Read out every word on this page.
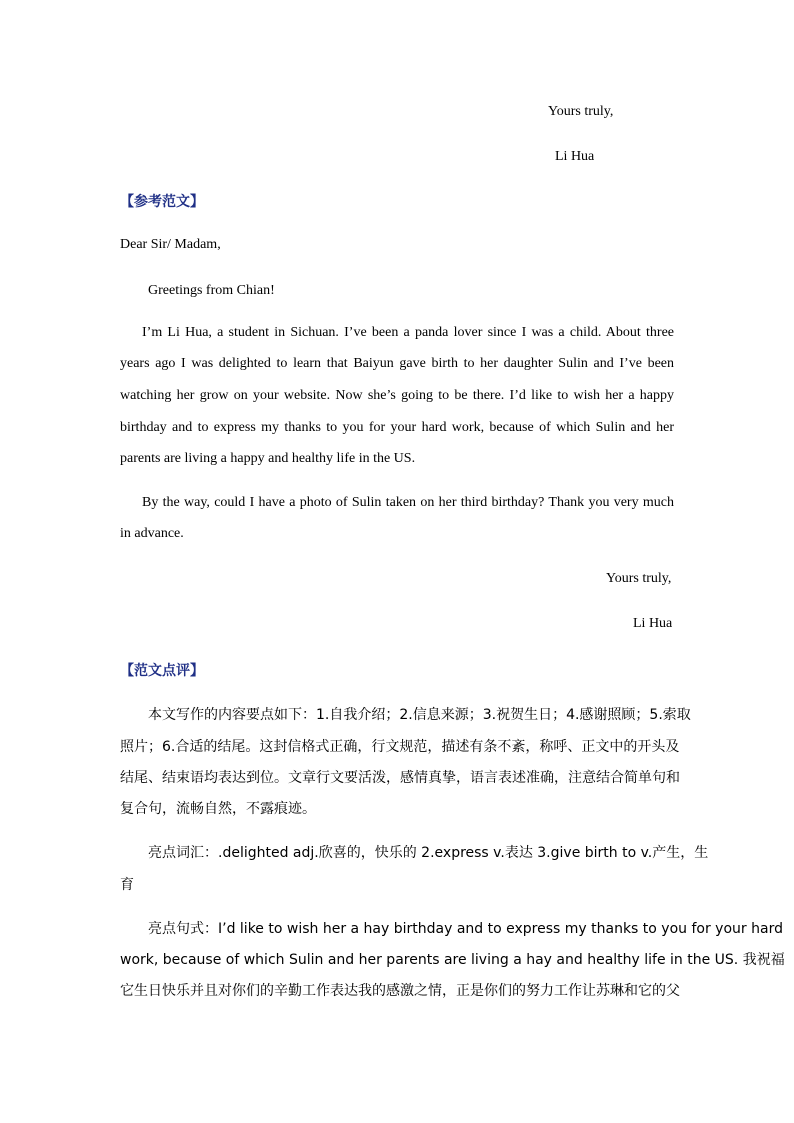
Yours truly,
Li Hua
【参考范文】
Dear Sir/ Madam,
Greetings from Chian!
I’m Li Hua, a student in Sichuan. I’ve been a panda lover since I was a child. About three
years ago I was delighted to learn that Baiyun gave birth to her daughter Sulin and I’ve been
watching her grow on your website. Now she’s going to be there. I’d like to wish her a happy
birthday and to express my thanks to you for your hard work, because of which Sulin and her
parents are living a happy and healthy life in the US.
By the way, could I have a photo of Sulin taken on her third birthday? Thank you very much
in advance.
Yours truly,
Li Hua
【范文点评】
本文写作的内容要点如下：1.自我介绍；2.信息来源；3.祝贺生日；4.感谢照顾；5.索取
照片；6.合适的结尾。这封信格式正确，行文规范，描述有条不紊，称呼、正文中的开头及
结尾、结束语均表达到位。文章行文要活泼，感情真挚，语言表述准确，注意结合简单句和
复合句，流畅自然，不露痕迹。
亮点词汇：.delighted adj.欣喜的，快乐的 2.express v.表达 3.give birth to v.产生，生
育
亮点句式：I’d like to wish her a hay birthday and to express my thanks to you for your hard
work, because of which Sulin and her parents are living a hay and healthy life in the US. 我祝福
它生日快乐并且对你们的辛勤工作表达我的感激之情，正是你们的努力工作让苏琳和它的父
